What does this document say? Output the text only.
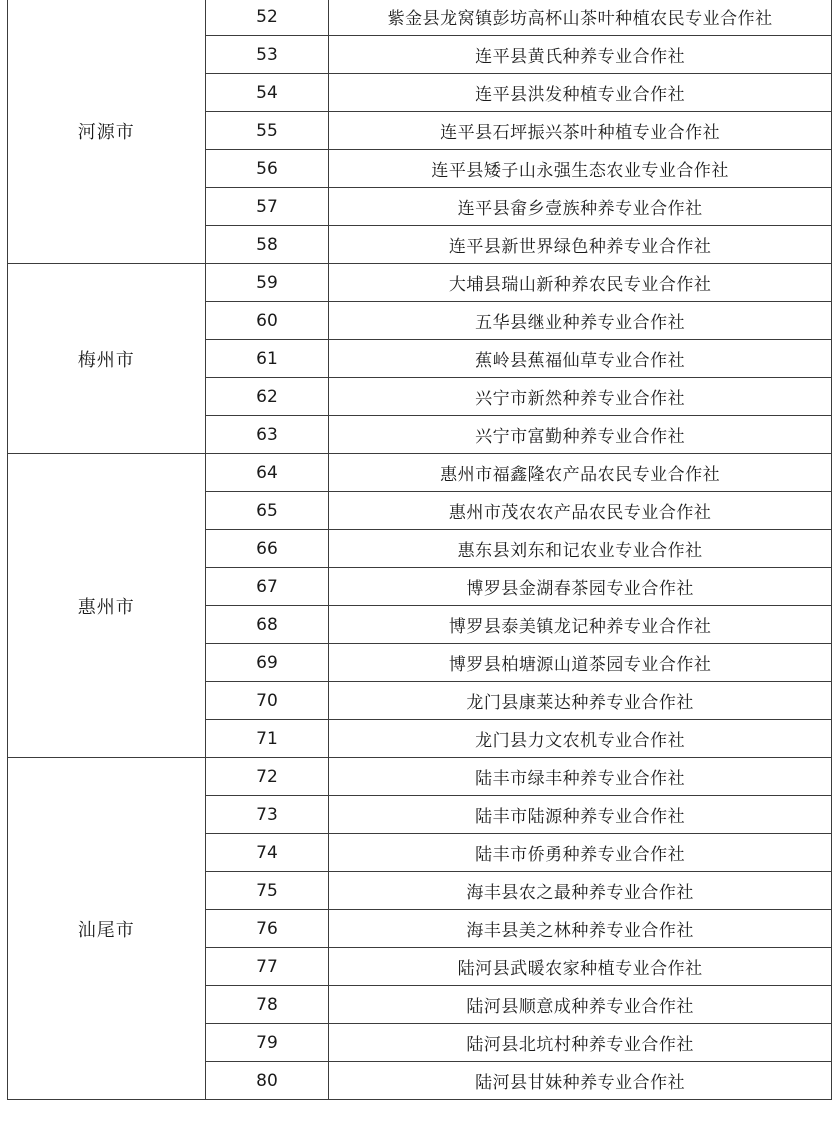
河源市	52	紫金县龙窝镇彭坊高杯山茶叶种植农民专业合作社
	53	连平县黄氏种养专业合作社
	54	连平县洪发种植专业合作社
	55	连平县石坪振兴茶叶种植专业合作社
	56	连平县矮子山永强生态农业专业合作社
	57	连平县畲乡壹族种养专业合作社
	58	连平县新世界绿色种养专业合作社
梅州市	59	大埔县瑞山新种养农民专业合作社
	60	五华县继业种养专业合作社
	61	蕉岭县蕉福仙草专业合作社
	62	兴宁市新然种养专业合作社
	63	兴宁市富勤种养专业合作社
惠州市	64	惠州市福鑫隆农产品农民专业合作社
	65	惠州市茂农农产品农民专业合作社
	66	惠东县刘东和记农业专业合作社
	67	博罗县金湖春茶园专业合作社
	68	博罗县泰美镇龙记种养专业合作社
	69	博罗县柏塘源山道茶园专业合作社
	70	龙门县康莱达种养专业合作社
	71	龙门县力文农机专业合作社
汕尾市	72	陆丰市绿丰种养专业合作社
	73	陆丰市陆源种养专业合作社
	74	陆丰市侨勇种养专业合作社
	75	海丰县农之最种养专业合作社
	76	海丰县美之林种养专业合作社
	77	陆河县武暖农家种植专业合作社
	78	陆河县顺意成种养专业合作社
	79	陆河县北坑村种养专业合作社
	80	陆河县甘妹种养专业合作社
